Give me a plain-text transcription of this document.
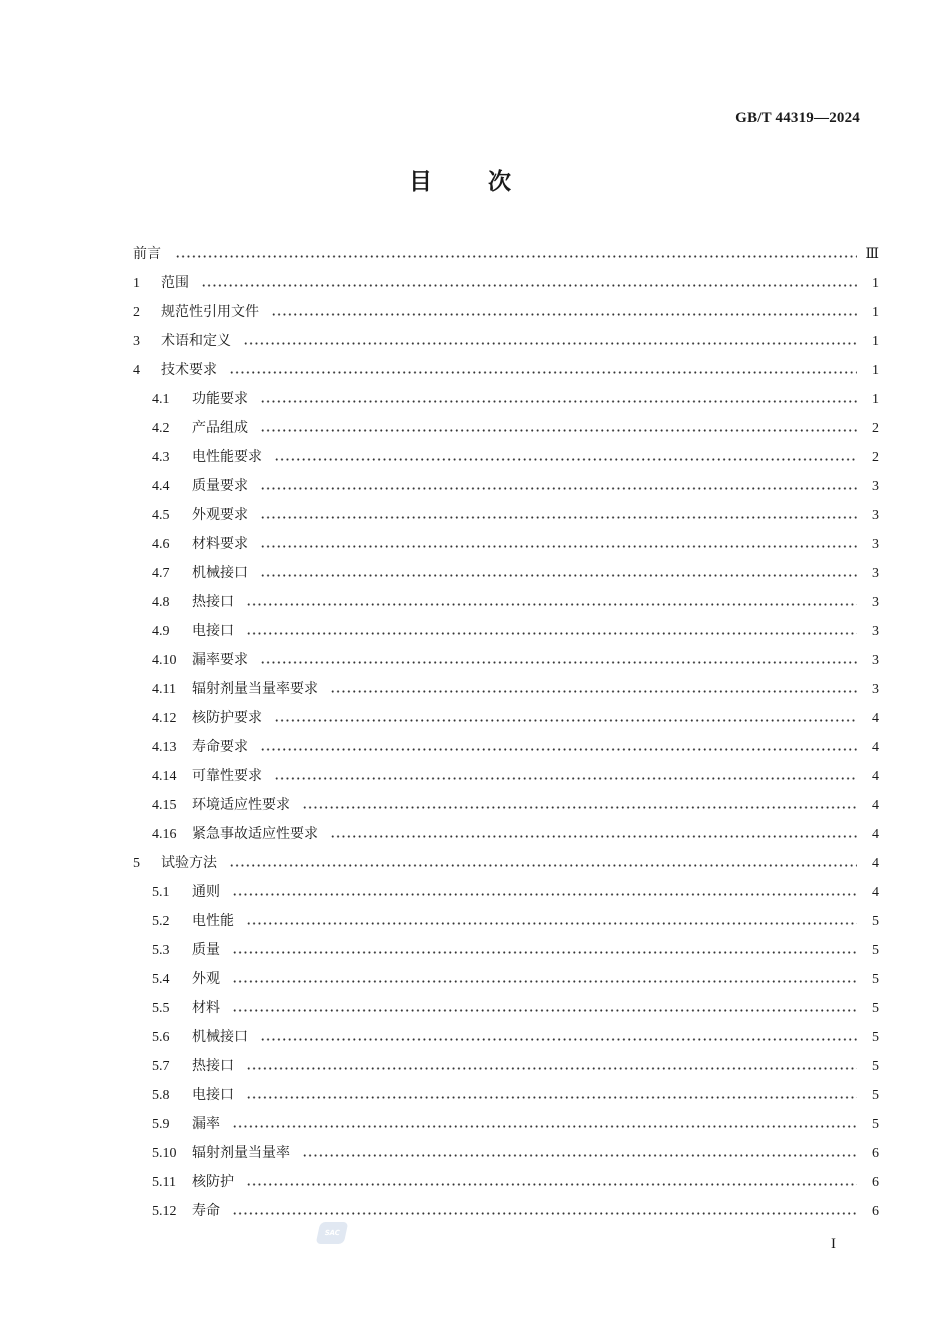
GB/T 44319—2024
目次
前言	Ⅲ
1	范围	1
2	规范性引用文件	1
3	术语和定义	1
4	技术要求	1
4.1	功能要求	1
4.2	产品组成	2
4.3	电性能要求	2
4.4	质量要求	3
4.5	外观要求	3
4.6	材料要求	3
4.7	机械接口	3
4.8	热接口	3
4.9	电接口	3
4.10	漏率要求	3
4.11	辐射剂量当量率要求	3
4.12	核防护要求	4
4.13	寿命要求	4
4.14	可靠性要求	4
4.15	环境适应性要求	4
4.16	紧急事故适应性要求	4
5	试验方法	4
5.1	通则	4
5.2	电性能	5
5.3	质量	5
5.4	外观	5
5.5	材料	5
5.6	机械接口	5
5.7	热接口	5
5.8	电接口	5
5.9	漏率	5
5.10	辐射剂量当量率	6
5.11	核防护	6
5.12	寿命	6
SAC
I
